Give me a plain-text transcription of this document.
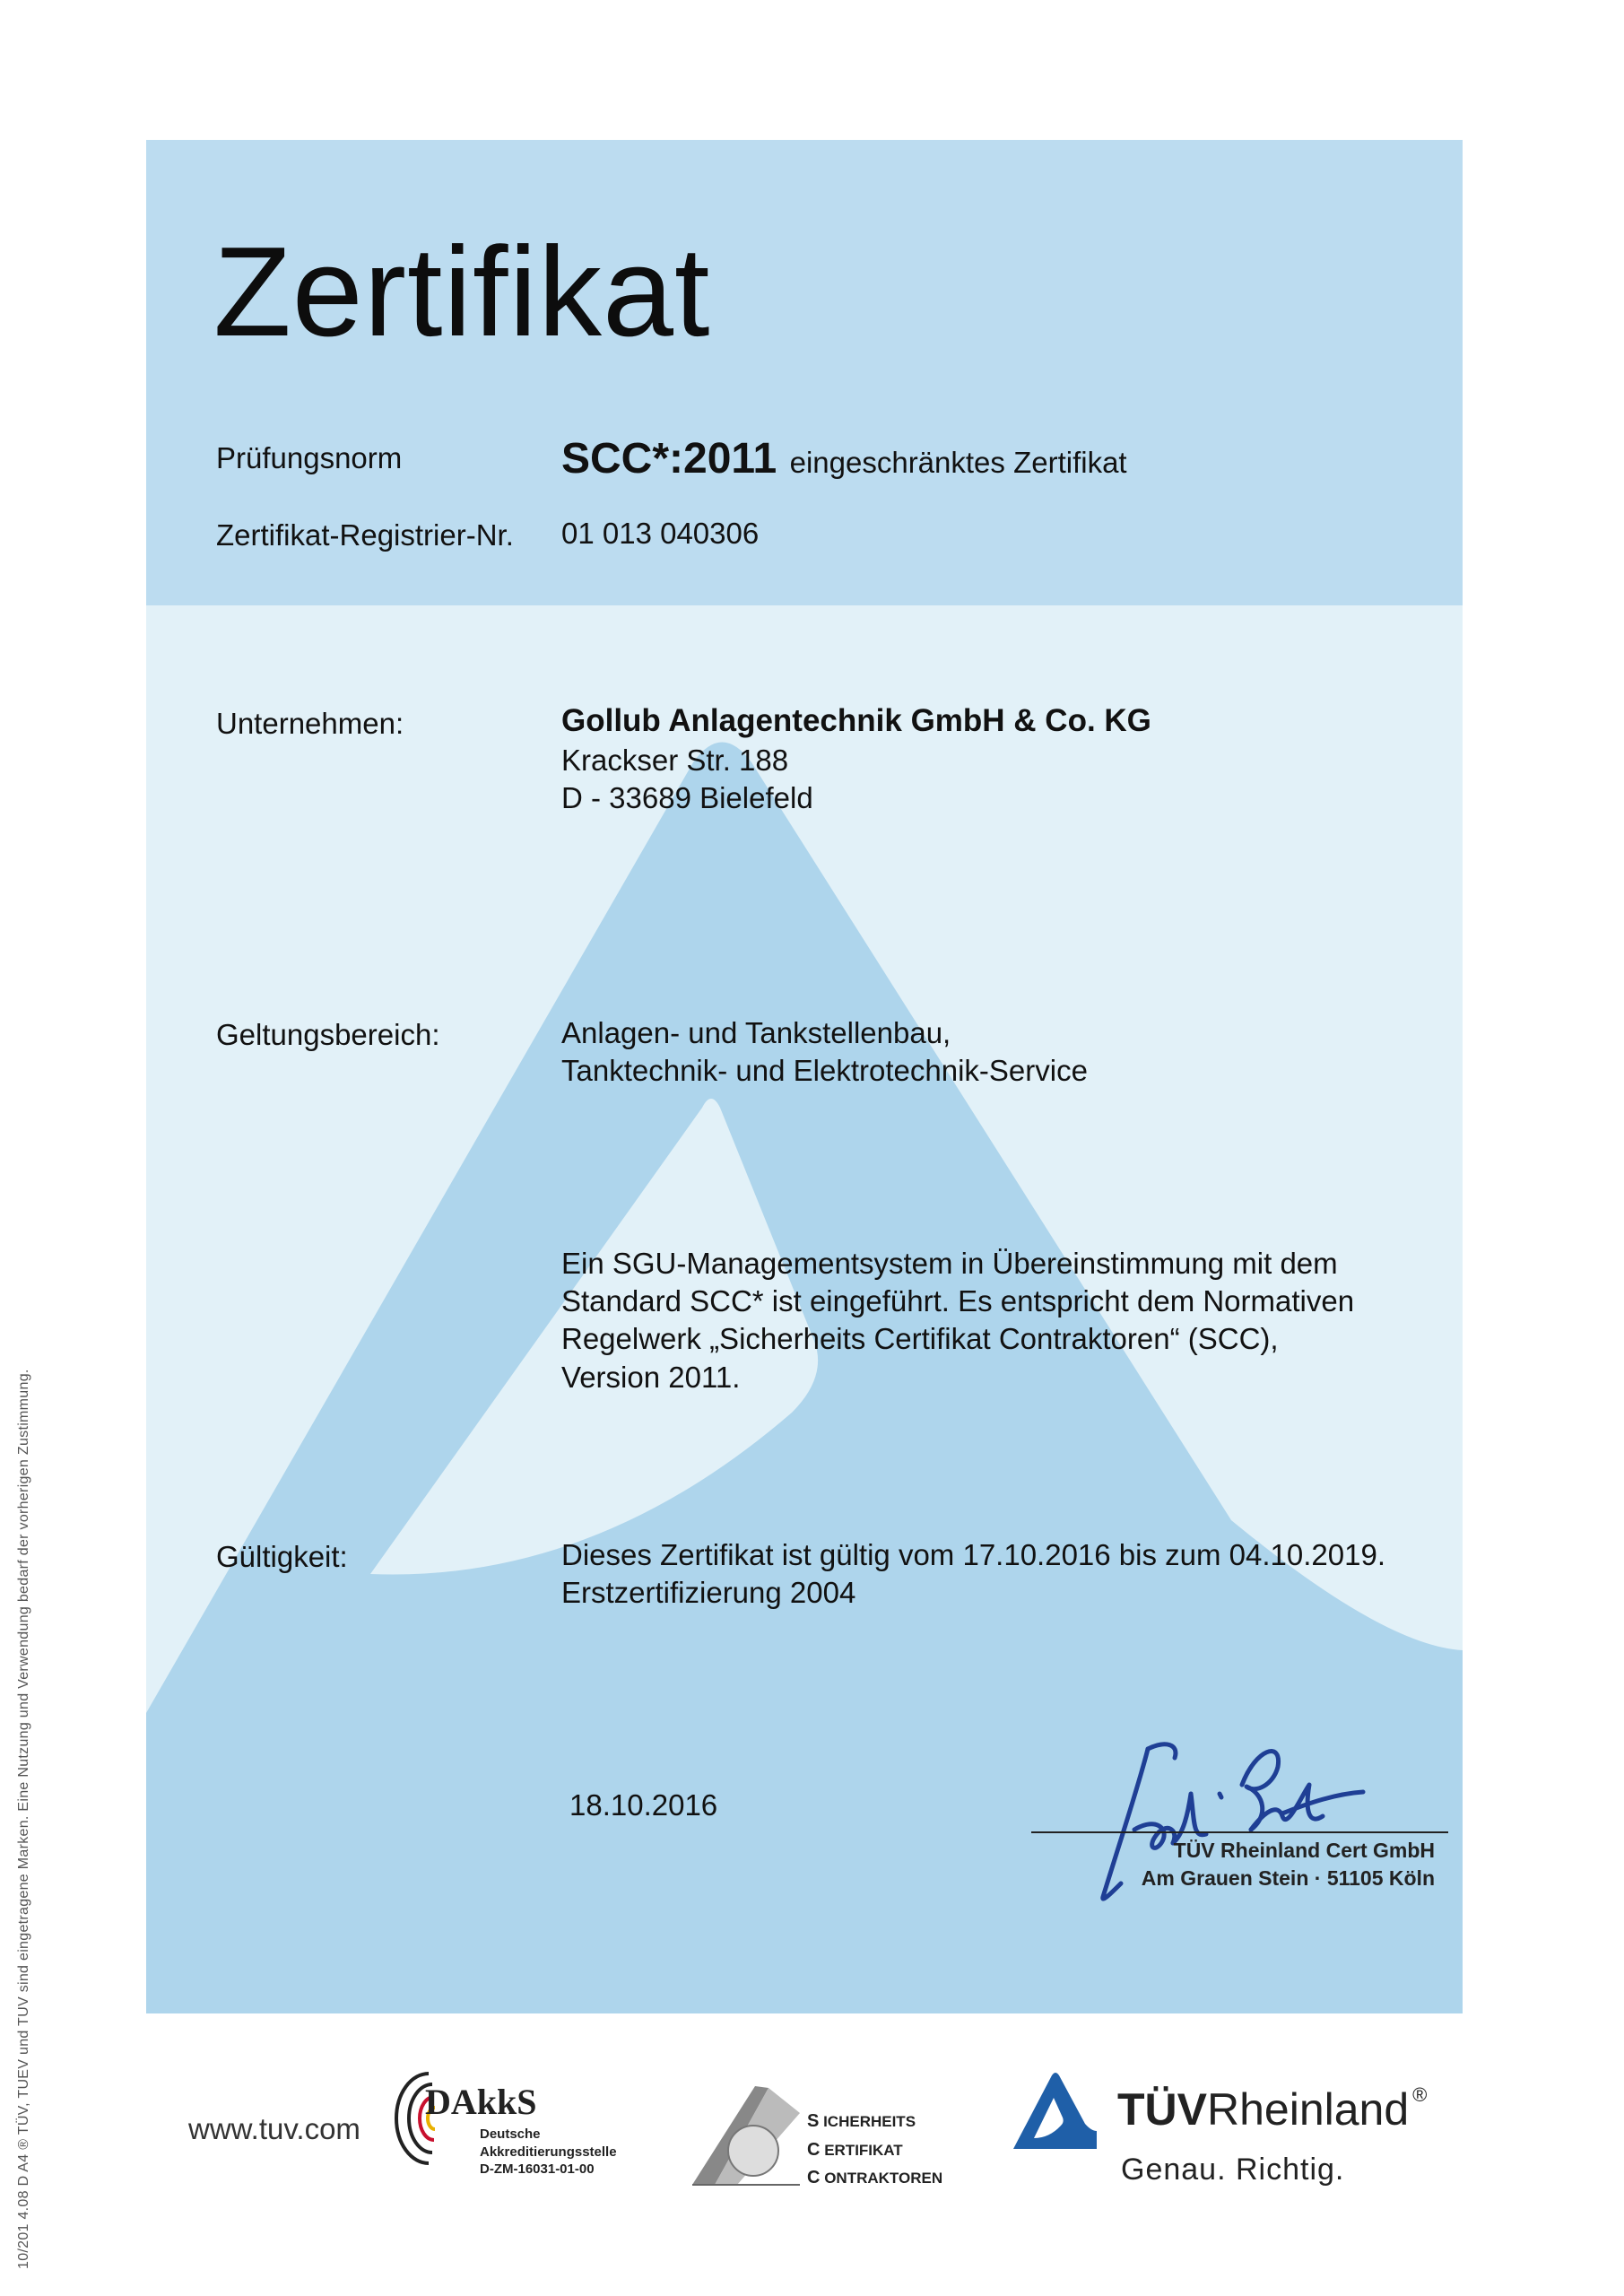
Zertifikat
Prüfungsnorm	SCC*:2011 eingeschränktes Zertifikat
Zertifikat-Registrier-Nr. 01 013 040306
Unternehmen:	Gollub Anlagentechnik GmbH & Co. KG
Krackser Str. 188
D - 33689 Bielefeld
Geltungsbereich:	Anlagen- und Tankstellenbau,
Tanktechnik- und Elektrotechnik-Service
Ein SGU-Managementsystem in Übereinstimmung mit dem
Standard SCC* ist eingeführt. Es entspricht dem Normativen
Regelwerk „Sicherheits Certifikat Contraktoren“ (SCC),
Version 2011.
Gültigkeit:	Dieses Zertifikat ist gültig vom 17.10.2016 bis zum 04.10.2019.
Erstzertifizierung 2004
18.10.2016
TÜV Rheinland Cert GmbH
Am Grauen Stein · 51105 Köln
10/201 4.08 D A4 ® TÜV, TUEV und TUV sind eingetragene Marken. Eine Nutzung und Verwendung bedarf der vorherigen Zustimmung.	www.tuv.com
DAkkS
Deutsche
Akkreditierungsstelle
D-ZM-16031-01-00
S ICHERHEITS
C ERTIFIKAT
C ONTRAKTOREN
TÜVRheinland ®
Genau. Richtig.
